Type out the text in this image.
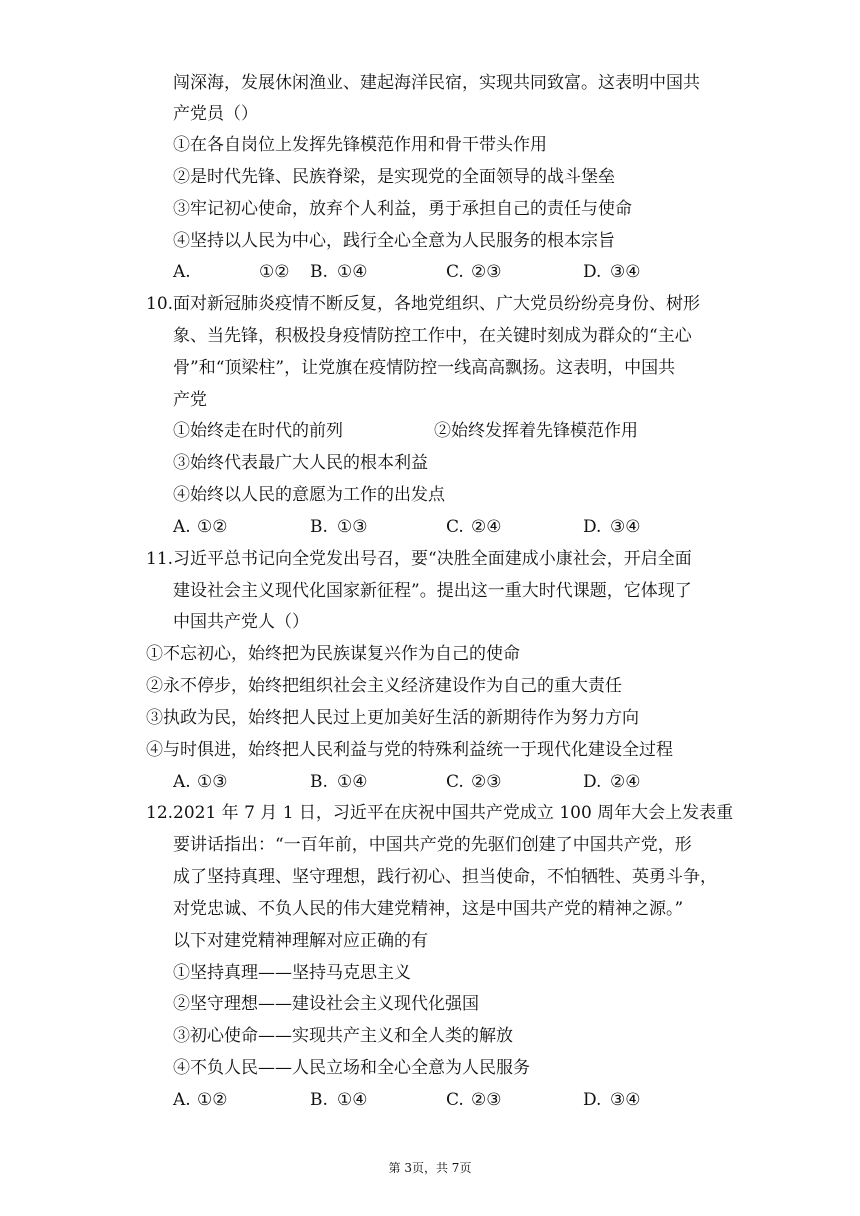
闯深海，发展休闲渔业、建起海洋民宿，实现共同致富。这表明中国共
产党员（）
①在各自岗位上发挥先锋模范作用和骨干带头作用
②是时代先锋、民族脊梁，是实现党的全面领导的战斗堡垒
③牢记初心使命，放弃个人利益，勇于承担自己的责任与使命
④坚持以人民为中心，践行全心全意为人民服务的根本宗旨
A.	①② B. ①④	C. ②③	D. ③④
10. 面对新冠肺炎疫情不断反复，各地党组织、广大党员纷纷亮身份、树形
象、当先锋，积极投身疫情防控工作中，在关键时刻成为群众的“主心
骨”和“顶梁柱”，让党旗在疫情防控一线高高飘扬。这表明，中国共
产党
①始终走在时代的前列	②始终发挥着先锋模范作用
③始终代表最广大人民的根本利益
④始终以人民的意愿为工作的出发点
A. ①②	B. ①③	C. ②④	D. ③④
11. 习近平总书记向全党发出号召，要“决胜全面建成小康社会，开启全面
建设社会主义现代化国家新征程”。提出这一重大时代课题，它体现了
中国共产党人（）
①不忘初心，始终把为民族谋复兴作为自己的使命
②永不停步，始终把组织社会主义经济建设作为自己的重大责任
③执政为民，始终把人民过上更加美好生活的新期待作为努力方向
④与时俱进，始终把人民利益与党的特殊利益统一于现代化建设全过程
A. ①③	B. ①④	C. ②③	D. ②④
12. 2021 年 7 月 1 日，习近平在庆祝中国共产党成立 100 周年大会上发表重
要讲话指出：“一百年前，中国共产党的先驱们创建了中国共产党，形
成了坚持真理、坚守理想，践行初心、担当使命，不怕牺牲、英勇斗争，
对党忠诚、不负人民的伟大建党精神，这是中国共产党的精神之源。”
以下对建党精神理解对应正确的有
①坚持真理——坚持马克思主义
②坚守理想——建设社会主义现代化强国
③初心使命——实现共产主义和全人类的解放
④不负人民——人民立场和全心全意为人民服务
A. ①②	B. ①④	C. ②③	D. ③④
第 3页，共 7页
